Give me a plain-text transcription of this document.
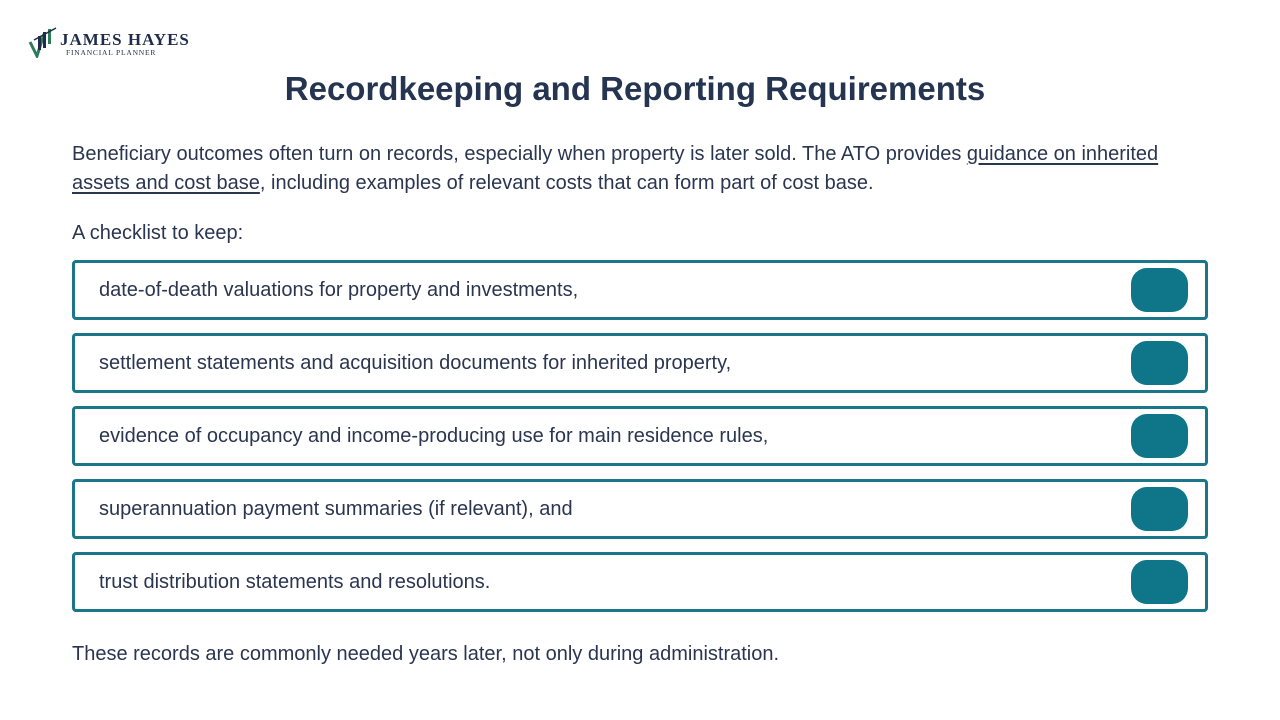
JAMES HAYES
FINANCIAL PLANNER
Recordkeeping and Reporting Requirements

Beneficiary outcomes often turn on records, especially when property is later sold. The ATO provides guidance on inherited assets and cost base, including examples of relevant costs that can form part of cost base.

A checklist to keep:

date-of-death valuations for property and investments,
settlement statements and acquisition documents for inherited property,
evidence of occupancy and income-producing use for main residence rules,
superannuation payment summaries (if relevant), and
trust distribution statements and resolutions.

These records are commonly needed years later, not only during administration.
